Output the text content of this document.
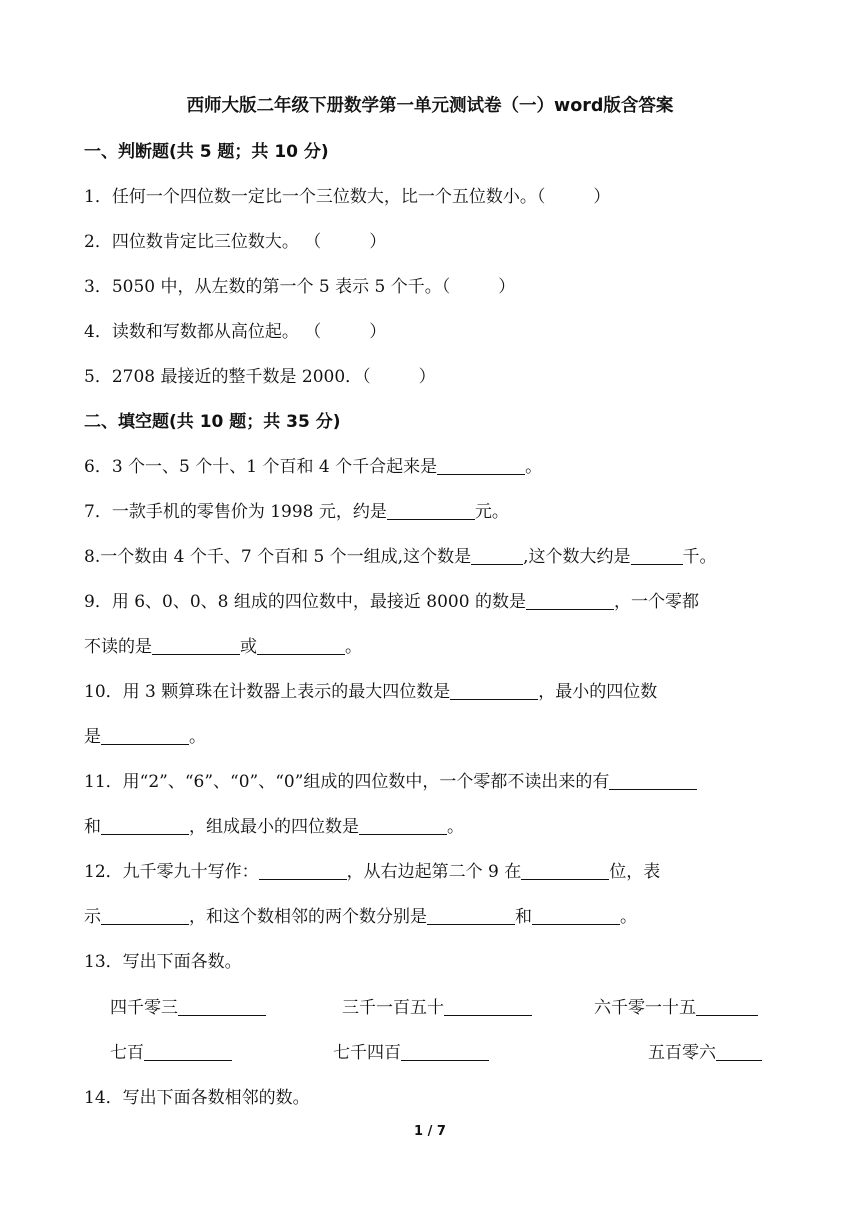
西师大版二年级下册数学第一单元测试卷（一）word版含答案
一、判断题(共 5 题；共 10 分)
1．任何一个四位数一定比一个三位数大，比一个五位数小。（	）
2．四位数肯定比三位数大。 （	）
3．5050 中，从左数的第一个 5 表示 5 个千。（	）
4．读数和写数都从高位起。 （	）
5．2708 最接近的整千数是 2000．（	）
二、填空题(共 10 题；共 35 分)
6．3 个一、5 个十、1 个百和 4 个千合起来是	。
7．一款手机的零售价为 1998 元，约是	元。
8.一个数由 4 个千、7 个百和 5 个一组成,这个数是	,这个数大约是	千。
9．用 6、0、0、8 组成的四位数中，最接近 8000 的数是	，一个零都
不读的是	或	。
10．用 3 颗算珠在计数器上表示的最大四位数是	，最小的四位数
是	。
11．用“2”、“6”、“0”、“0”组成的四位数中，一个零都不读出来的有
和	，组成最小的四位数是	。
12．九千零九十写作：	，从右边起第二个 9 在	位，表
示	，和这个数相邻的两个数分别是	和	。
13．写出下面各数。
四千零三	三千一百五十	六千零一十五
七百	七千四百	五百零六
14．写出下面各数相邻的数。
1 / 7
